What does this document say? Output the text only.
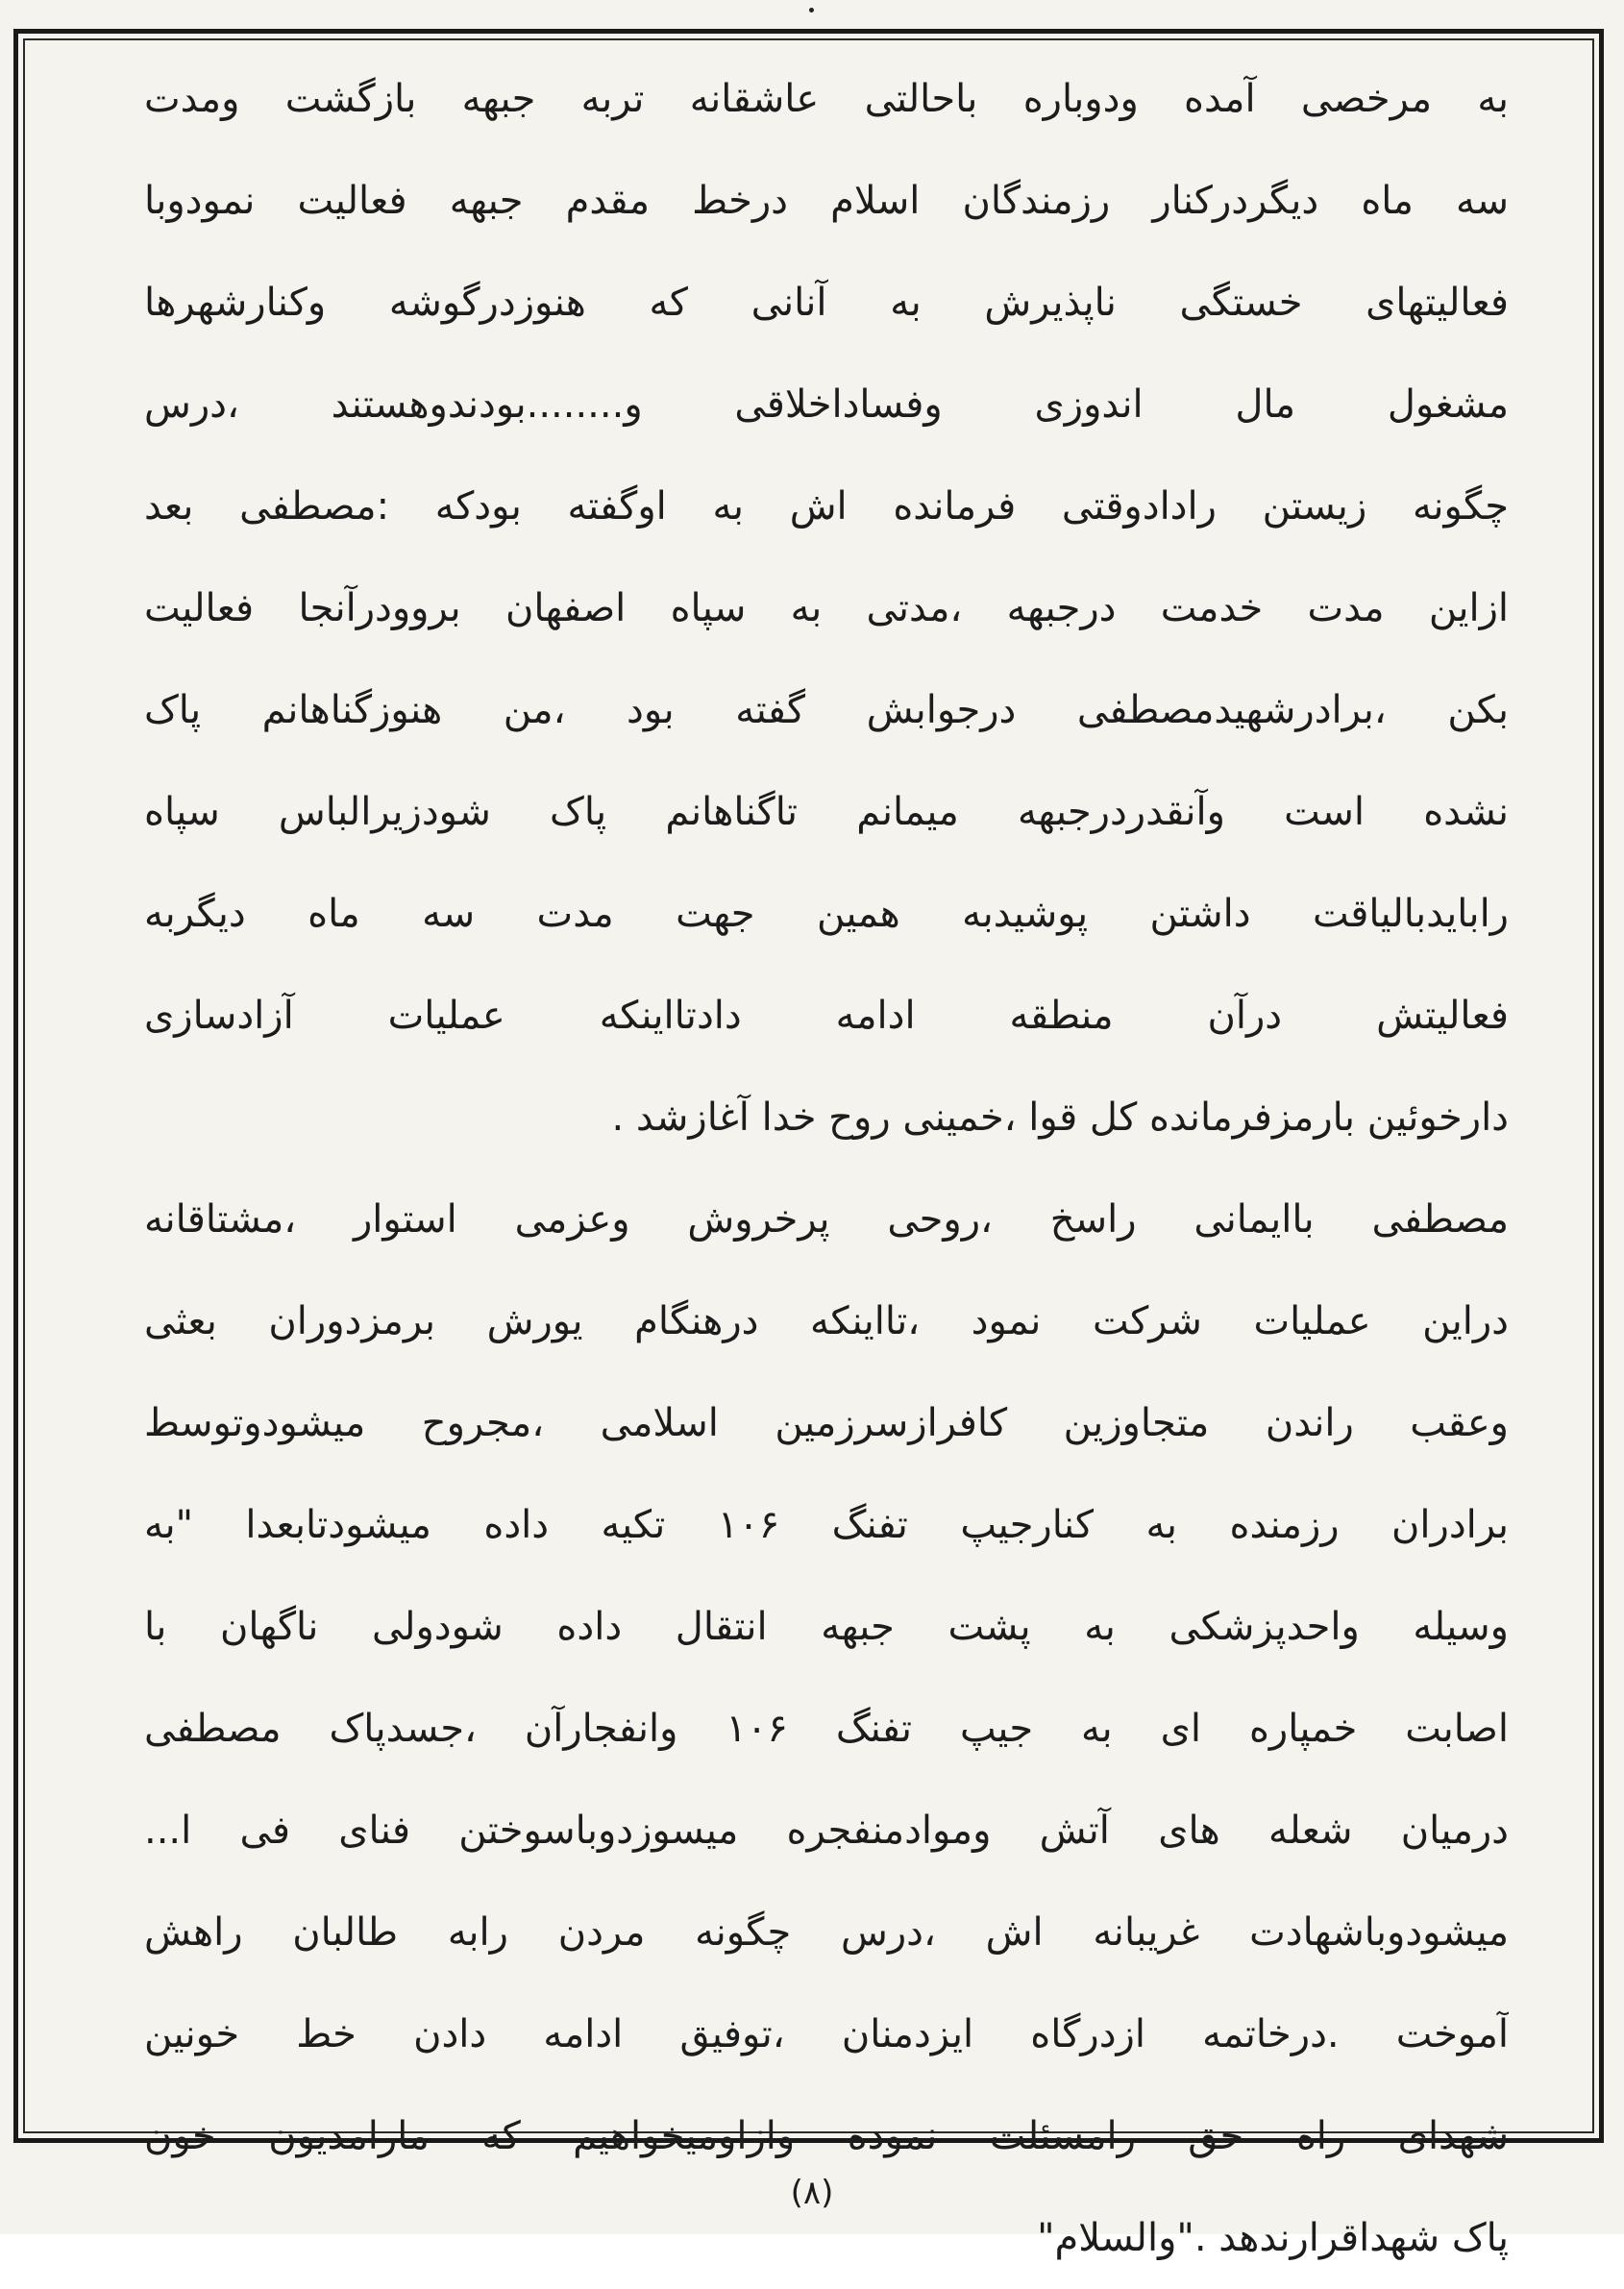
به مرخصی آمده ودوباره باحالتی عاشقانه تربه جبهه بازگشت ومدت
سه ماه دیگردرکنار رزمندگان اسلام درخط مقدم جبهه فعالیت نمودوبا
فعالیتهای خستگی ناپذیرش به آنانی که هنوزدرگوشه وکنارشهرها
مشغول مال اندوزی وفساداخلاقی و........بودندوهستند ،درس
چگونه زیستن رادادوقتی فرمانده اش به اوگفته بودکه :مصطفی بعد
ازاین مدت خدمت درجبهه ،مدتی به سپاه اصفهان بروودرآنجا فعالیت
بکن ،برادرشهیدمصطفی درجوابش گفته بود ،من هنوزگناهانم پاک
نشده است وآنقدردرجبهه میمانم تاگناهانم پاک شودزیرالباس سپاه
رابایدبالیاقت داشتن پوشیدبه همین جهت مدت سه ماه دیگربه
فعالیتش درآن منطقه ادامه دادتااینکه عملیات آزادسازی
دارخوئین بارمزفرمانده کل قوا ،خمینی روح خدا آغازشد .
مصطفی باایمانی راسخ ،روحی پرخروش وعزمی استوار ،مشتاقانه
دراین عملیات شرکت نمود ،تااینکه درهنگام یورش برمزدوران بعثی
وعقب راندن متجاوزین کافرازسرزمین اسلامی ،مجروح میشودوتوسط
برادران رزمنده به کنارجیپ تفنگ ۱۰۶ تکیه داده میشودتابعدا "به
وسیله واحدپزشکی به پشت جبهه انتقال داده شودولی ناگهان با
اصابت خمپاره ای به جیپ تفنگ ۱۰۶ وانفجارآن ،جسدپاک مصطفی
درمیان شعله های آتش وموادمنفجره میسوزدوباسوختن فنای فی ا...
میشودوباشهادت غریبانه اش ،درس چگونه مردن رابه طالبان راهش
آموخت .درخاتمه ازدرگاه ایزدمنان ،توفیق ادامه دادن خط خونین
شهدای راه حق رامسئلت نموده وازاومیخواهیم که مارامدیون خون
پاک شهداقرارندهد ."والسلام"
(۸)
